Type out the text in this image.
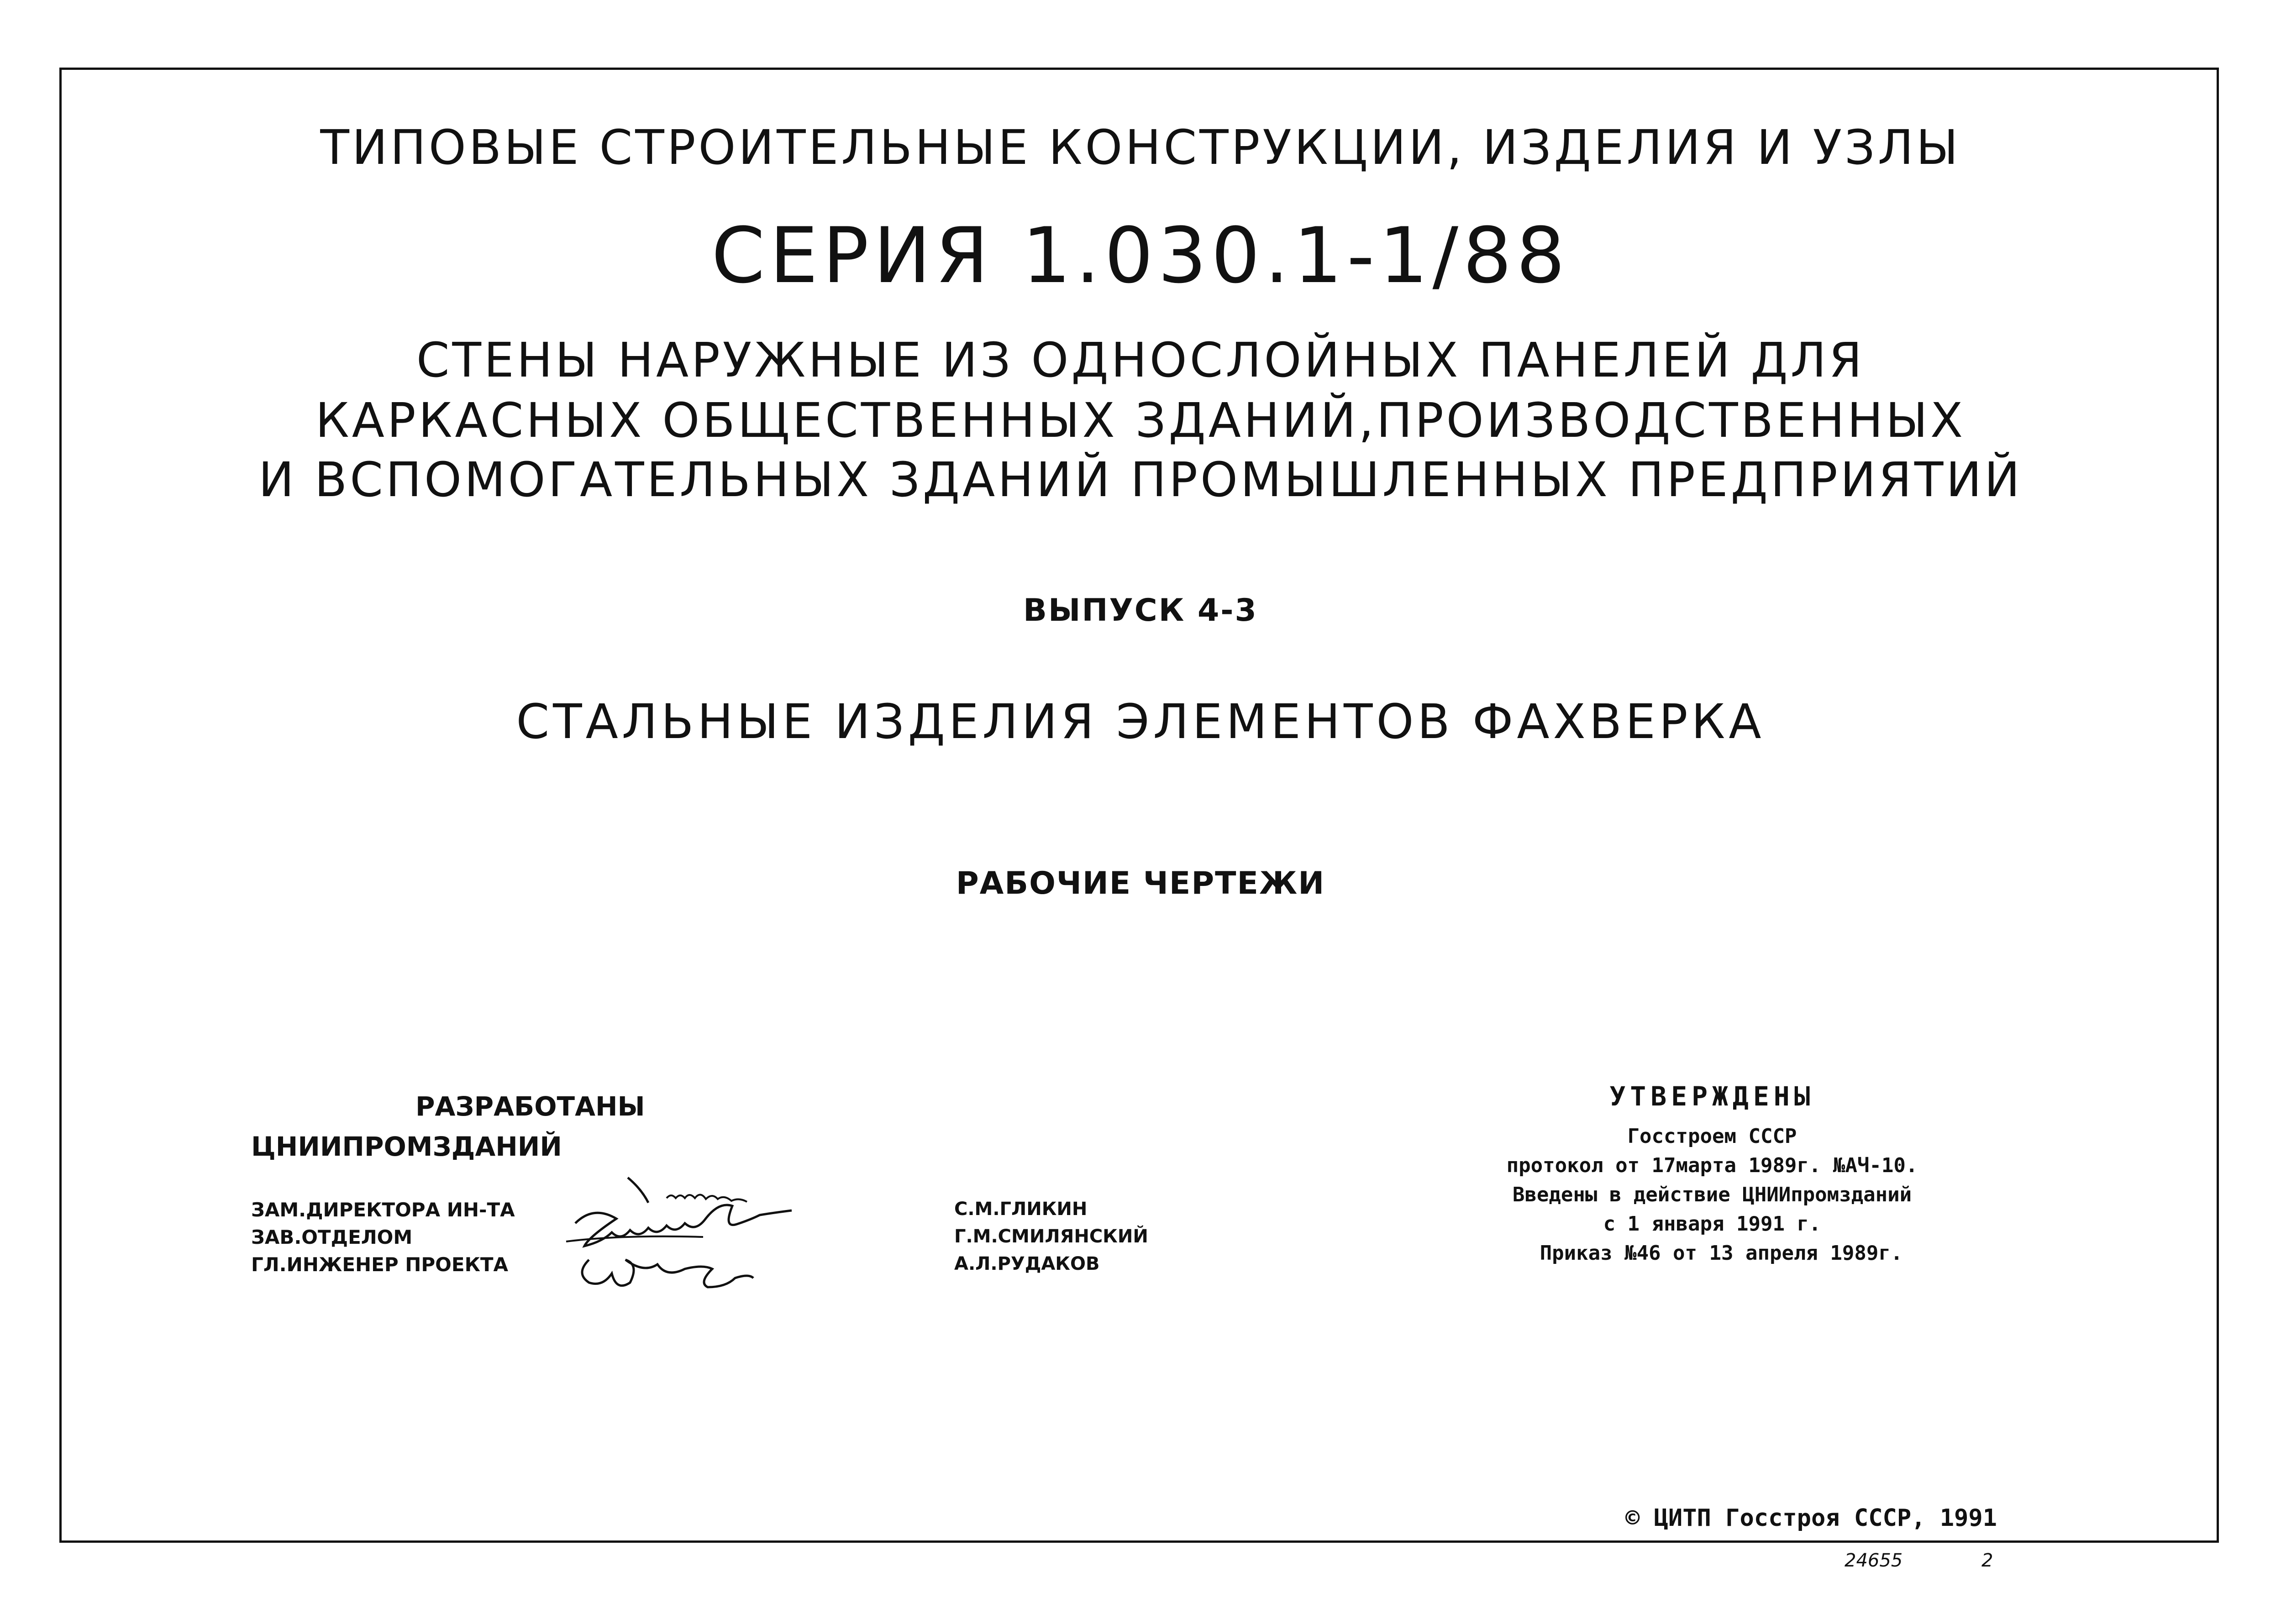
ТИПОВЫЕ СТРОИТЕЛЬНЫЕ КОНСТРУКЦИИ, ИЗДЕЛИЯ И УЗЛЫ
СЕРИЯ 1.030.1-1/88
СТЕНЫ НАРУЖНЫЕ ИЗ ОДНОСЛОЙНЫХ ПАНЕЛЕЙ ДЛЯ
КАРКАСНЫХ ОБЩЕСТВЕННЫХ ЗДАНИЙ,ПРОИЗВОДСТВЕННЫХ
И ВСПОМОГАТЕЛЬНЫХ ЗДАНИЙ ПРОМЫШЛЕННЫХ ПРЕДПРИЯТИЙ
ВЫПУСК 4-3
СТАЛЬНЫЕ ИЗДЕЛИЯ ЭЛЕМЕНТОВ ФАХВЕРКА
РАБОЧИЕ ЧЕРТЕЖИ
РАЗРАБОТАНЫ
ЦНИИПРОМЗДАНИЙ
ЗАМ.ДИРЕКТОРА ИН-ТА
ЗАВ.ОТДЕЛОМ
ГЛ.ИНЖЕНЕР ПРОЕКТА
С.М.ГЛИКИН
Г.М.СМИЛЯНСКИЙ
А.Л.РУДАКОВ
УТВЕРЖДЕНЫ
Госстроем СССР
протокол от 17марта 1989г. №АЧ-10.
Введены в действие ЦНИИпромзданий
с 1 января 1991 г.
Приказ №46 от 13 апреля 1989г.
© ЦИТП Госстроя СССР, 1991
24655	2
